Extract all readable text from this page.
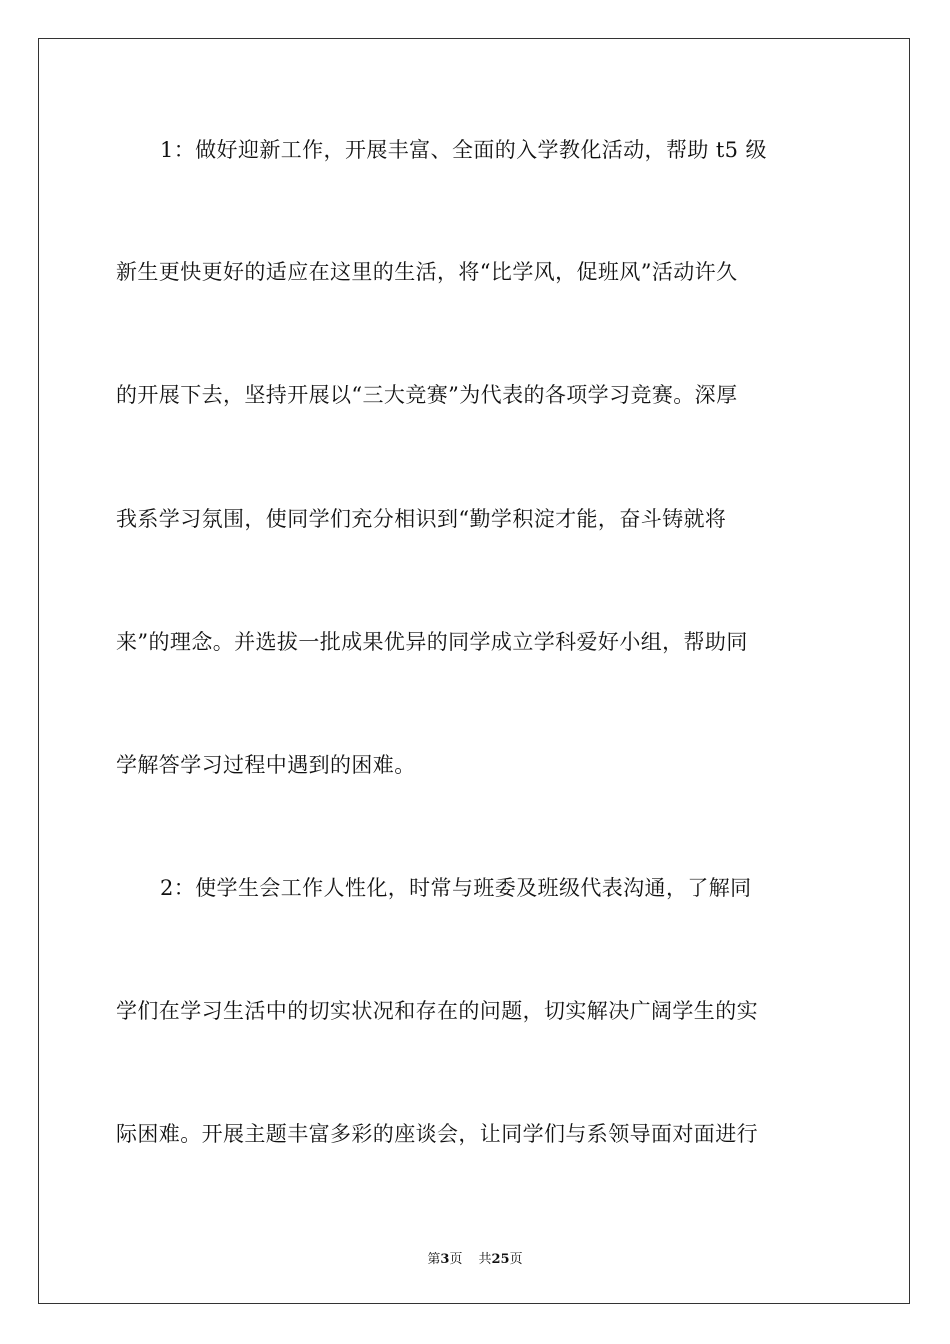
1：做好迎新工作，开展丰富、全面的入学教化活动，帮助 t5 级
新生更快更好的适应在这里的生活，将“比学风，促班风”活动许久
的开展下去，坚持开展以“三大竞赛”为代表的各项学习竞赛。深厚
我系学习氛围，使同学们充分相识到“勤学积淀才能，奋斗铸就将
来”的理念。并选拔一批成果优异的同学成立学科爱好小组，帮助同
学解答学习过程中遇到的困难。
2：使学生会工作人性化，时常与班委及班级代表沟通，了解同
学们在学习生活中的切实状况和存在的问题，切实解决广阔学生的实
际困难。开展主题丰富多彩的座谈会，让同学们与系领导面对面进行
第3页 共25页
